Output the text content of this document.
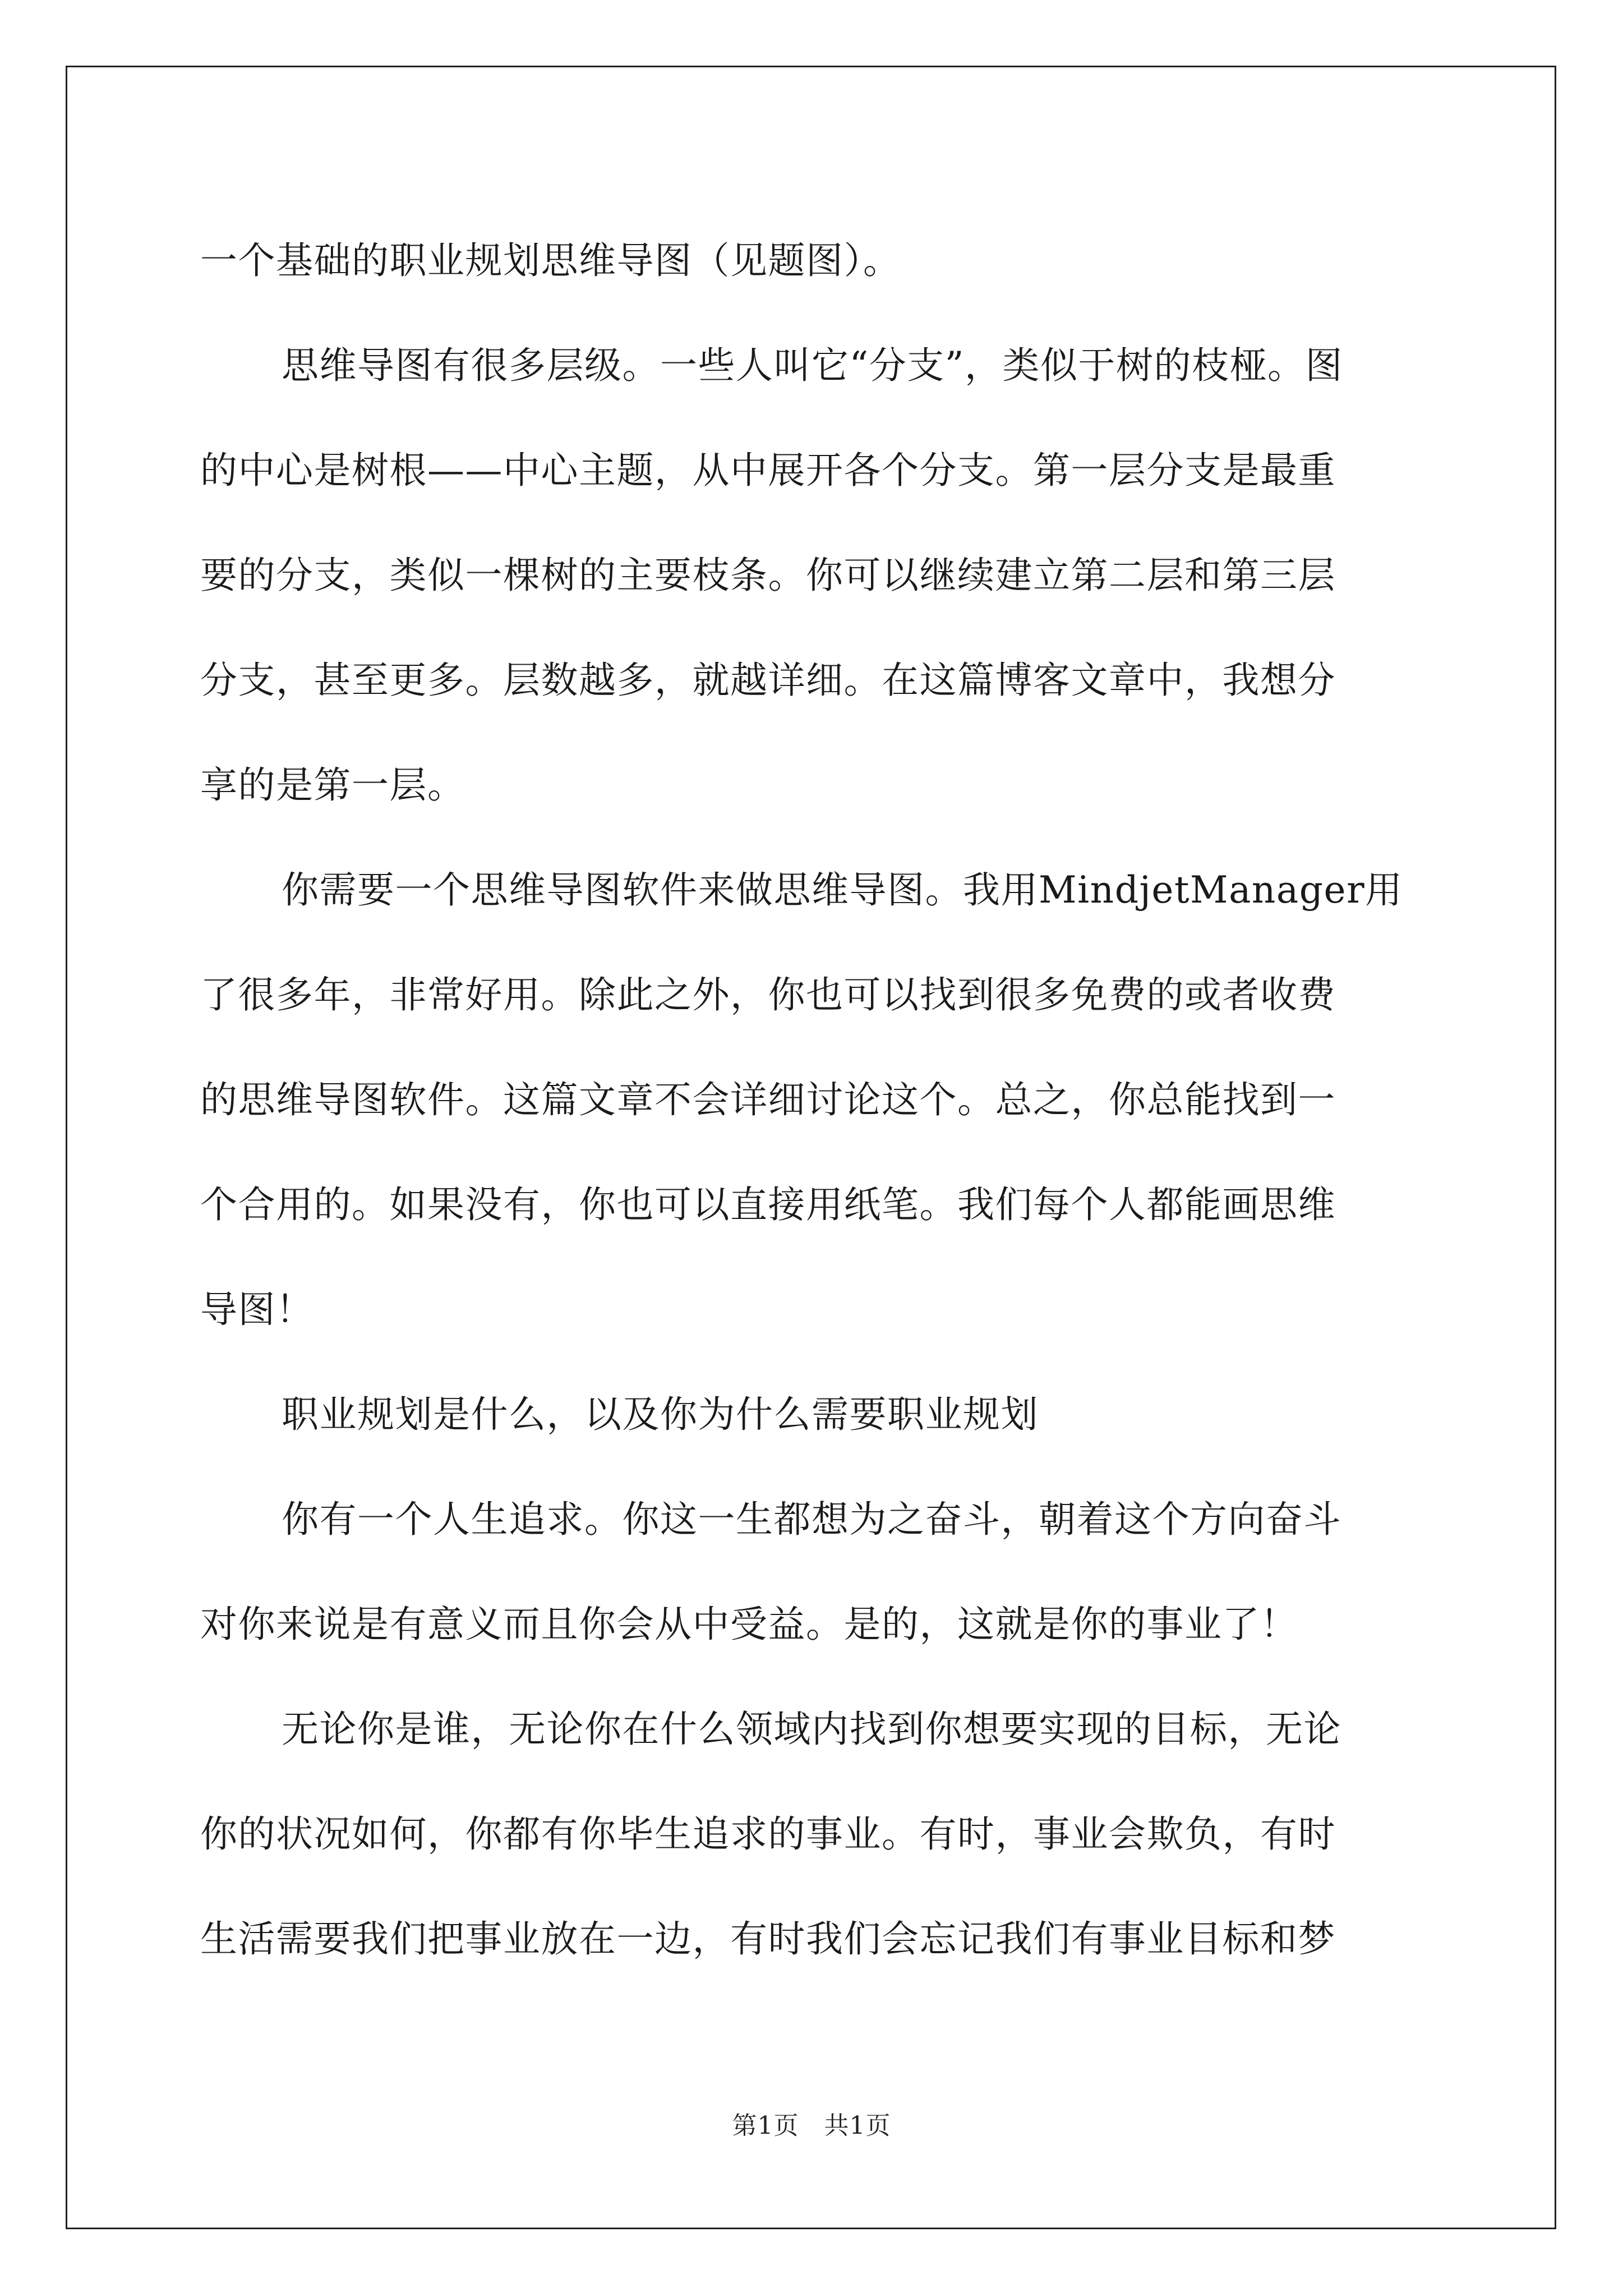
一个基础的职业规划思维导图（见题图）。
思维导图有很多层级。一些人叫它“分支”，类似于树的枝桠。图
的中心是树根——中心主题，从中展开各个分支。第一层分支是最重
要的分支，类似一棵树的主要枝条。你可以继续建立第二层和第三层
分支，甚至更多。层数越多，就越详细。在这篇博客文章中，我想分
享的是第一层。
你需要一个思维导图软件来做思维导图。我用MindjetManager用
了很多年，非常好用。除此之外，你也可以找到很多免费的或者收费
的思维导图软件。这篇文章不会详细讨论这个。总之，你总能找到一
个合用的。如果没有，你也可以直接用纸笔。我们每个人都能画思维
导图！
职业规划是什么，以及你为什么需要职业规划
你有一个人生追求。你这一生都想为之奋斗，朝着这个方向奋斗
对你来说是有意义而且你会从中受益。是的，这就是你的事业了！
无论你是谁，无论你在什么领域内找到你想要实现的目标，无论
你的状况如何，你都有你毕生追求的事业。有时，事业会欺负，有时
生活需要我们把事业放在一边，有时我们会忘记我们有事业目标和梦
第1页　共1页
